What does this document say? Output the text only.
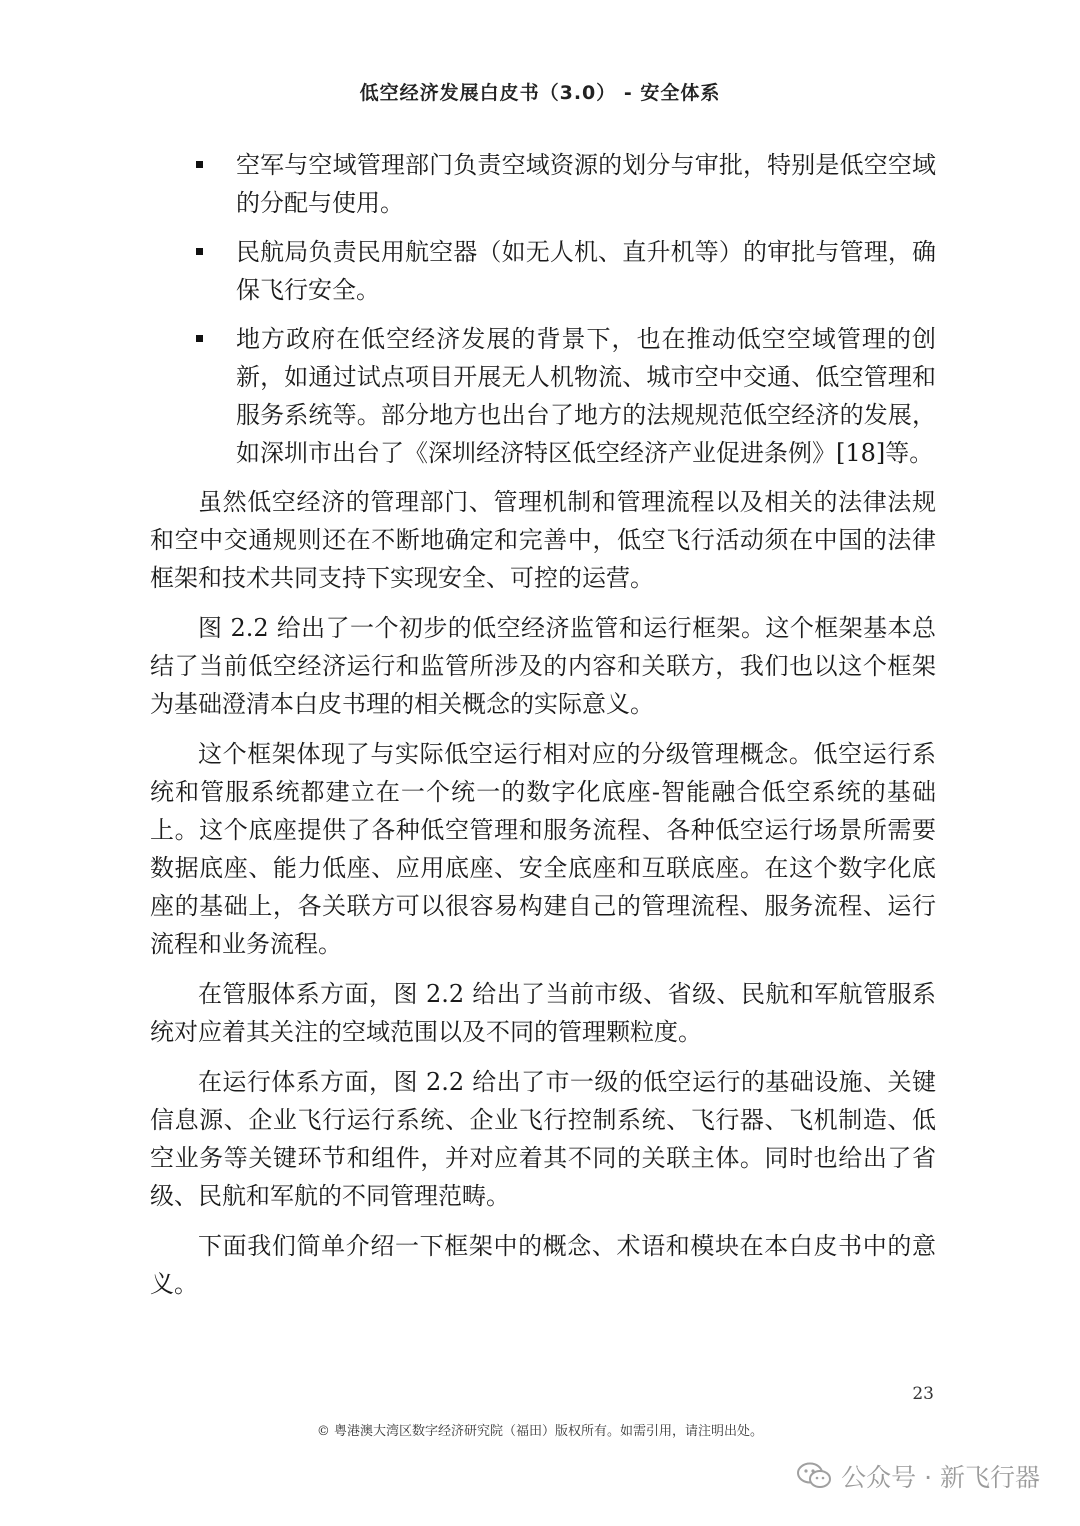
低空经济发展白皮书（3.0） - 安全体系
空军与空域管理部门负责空域资源的划分与审批，特别是低空空域的分配与使用。
民航局负责民用航空器（如无人机、直升机等）的审批与管理，确保飞行安全。
地方政府在低空经济发展的背景下，也在推动低空空域管理的创新，如通过试点项目开展无人机物流、城市空中交通、低空管理和服务系统等。部分地方也出台了地方的法规规范低空经济的发展，如深圳市出台了《深圳经济特区低空经济产业促进条例》[18]等。

虽然低空经济的管理部门、管理机制和管理流程以及相关的法律法规和空中交通规则还在不断地确定和完善中，低空飞行活动须在中国的法律框架和技术共同支持下实现安全、可控的运营。

图 2.2 给出了一个初步的低空经济监管和运行框架。这个框架基本总结了当前低空经济运行和监管所涉及的内容和关联方，我们也以这个框架为基础澄清本白皮书理的相关概念的实际意义。

这个框架体现了与实际低空运行相对应的分级管理概念。低空运行系统和管服系统都建立在一个统一的数字化底座-智能融合低空系统的基础上。这个底座提供了各种低空管理和服务流程、各种低空运行场景所需要数据底座、能力低座、应用底座、安全底座和互联底座。在这个数字化底座的基础上，各关联方可以很容易构建自己的管理流程、服务流程、运行流程和业务流程。

在管服体系方面，图 2.2 给出了当前市级、省级、民航和军航管服系统对应着其关注的空域范围以及不同的管理颗粒度。

在运行体系方面，图 2.2 给出了市一级的低空运行的基础设施、关键信息源、企业飞行运行系统、企业飞行控制系统、飞行器、飞机制造、低空业务等关键环节和组件，并对应着其不同的关联主体。同时也给出了省级、民航和军航的不同管理范畴。

下面我们简单介绍一下框架中的概念、术语和模块在本白皮书中的意义。

23
© 粤港澳大湾区数字经济研究院（福田）版权所有。如需引用，请注明出处。
公众号 · 新飞行器
